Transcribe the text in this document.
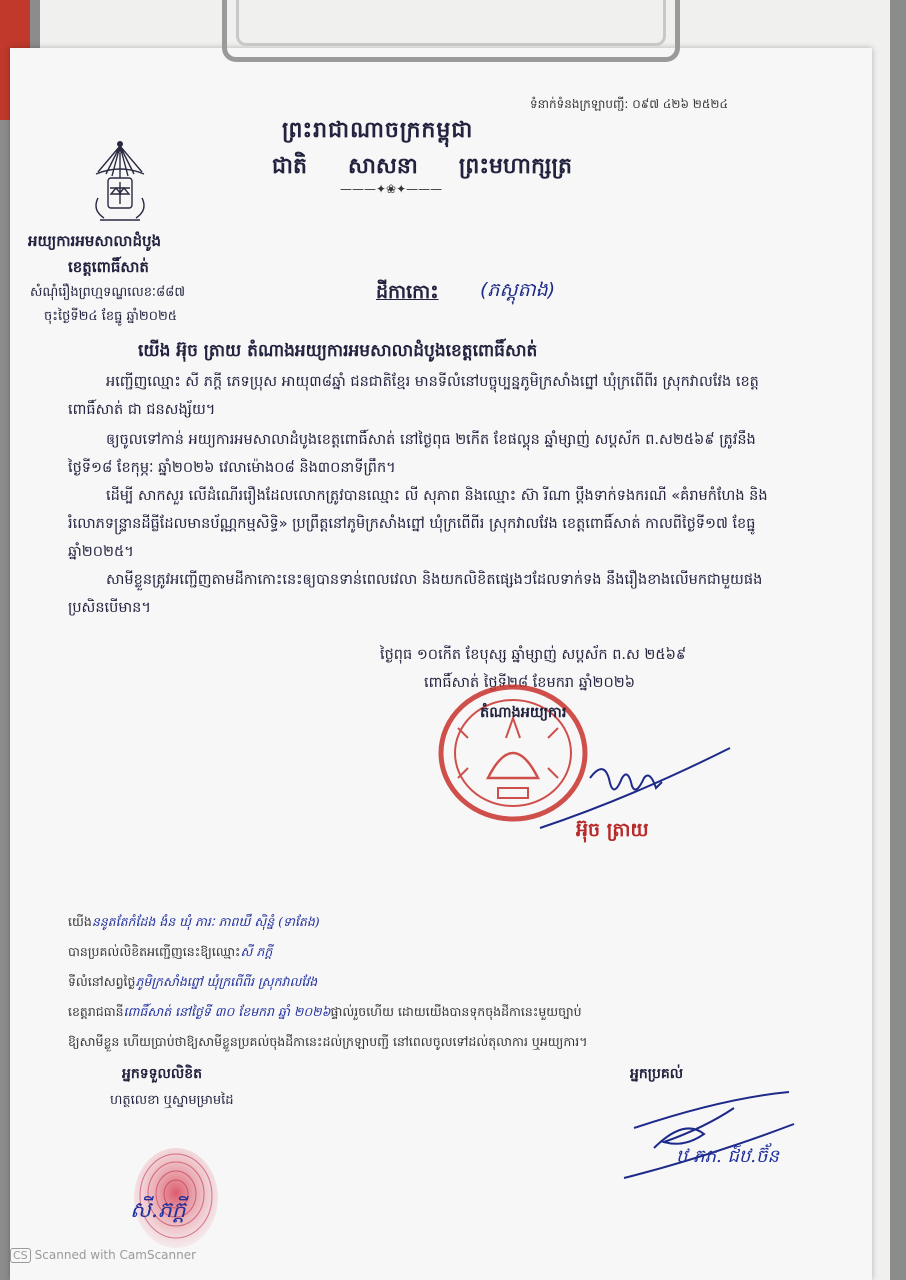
ទំនាក់ទំនងក្រឡាបញ្ជី: ០៩៧ ៤២៦ ២៥២៤
ព្រះរាជាណាចក្រកម្ពុជា
ជាតិ សាសនា ព្រះមហាក្សត្រ
———✦❀✦———
អយ្យការអមសាលាដំបូង
ខេត្តពោធិ៍សាត់
សំណុំរឿងព្រហ្មទណ្ឌលេខៈ៨៨៧
ចុះថ្ងៃទី២៤ ខែធ្នូ ឆ្នាំ២០២៥
ដីកាកោះ (ភស្តុតាង)
យើង អ៊ុច ត្រាយ តំណាងអយ្យការអមសាលាដំបូងខេត្តពោធិ៍សាត់
អញ្ជើញឈ្មោះ សី ភក្តី ភេទប្រុស អាយុ៣៨ឆ្នាំ ជនជាតិខ្មែរ មានទីលំនៅបច្ចុប្បន្នភូមិក្រសាំងព្នៅ ឃុំក្រពើពីរ ស្រុកវាលវែង ខេត្តពោធិ៍សាត់ ជា ជនសង្ស័យ។
ឲ្យចូលទៅកាន់ អយ្យការអមសាលាដំបូងខេត្តពោធិ៍សាត់ នៅថ្ងៃពុធ ២កើត ខែផល្គុន ឆ្នាំម្សាញ់ សប្តស័ក ព.ស២៥៦៩ ត្រូវនឹងថ្ងៃទី១៨ ខែកុម្ភៈ ឆ្នាំ២០២៦ វេលាម៉ោង០៨ និង៣០នាទីព្រឹក។
ដើម្បី សាកសួរ លើដំណើររឿងដែលលោកត្រូវបានឈ្មោះ លី សុភាព និងឈ្មោះ ស៊ា រីណា ប្តឹងទាក់ទងករណី «គំរាមកំហែង និង រំលោភទន្ទ្រានដីធ្លីដែលមានប័ណ្ណកម្មសិទ្ធិ» ប្រព្រឹត្តនៅភូមិក្រសាំងព្នៅ ឃុំក្រពើពីរ ស្រុកវាលវែង ខេត្តពោធិ៍សាត់ កាលពីថ្ងៃទី១៧ ខែធ្នូ ឆ្នាំ២០២៥។
សាមីខ្លួនត្រូវអញ្ជើញតាមដីកាកោះនេះឲ្យបានទាន់ពេលវេលា និងយកលិខិតផ្សេងៗដែលទាក់ទង នឹងរឿងខាងលើមកជាមួយផង ប្រសិនបើមាន។
ថ្ងៃពុធ ១០កើត ខែបុស្ស ឆ្នាំម្សាញ់ សប្តស័ក ព.ស ២៥៦៩
ពោធិ៍សាត់ ថ្ងៃទី២៨ ខែមករា ឆ្នាំ២០២៦
តំណាងអយ្យការ
អ៊ុច ត្រាយ
យើងននូតតែកំដែង ងំន ឃុំ ភារៈ ភាពឃឹ ស៊ិន្នំ (ទាតែង)
បានប្រគល់លិខិតអញ្ជើញនេះឱ្យឈ្មោះសី ភក្តី
ទីលំនៅសព្វថ្ងៃភូមិក្រសាំងព្នៅ ឃុំក្រពើពីរ ស្រុកវាលវែង
ខេត្តរាជធានីពោធិ៍សាត់ នៅថ្ងៃទី ៣០ ខែមករា ឆ្នាំ ២០២៦ផ្ទាល់រួចហើយ ដោយយើងបានទុកចុងដីកានេះមួយច្បាប់
ឱ្យសាមីខ្លួន ហើយប្រាប់ថាឱ្យសាមីខ្លួនប្រគល់ចុងដីកានេះដល់ក្រឡាបញ្ជី នៅពេលចូលទៅដល់តុលាការ ឬអយ្យការ។
អ្នកទទួលលិខិត
ហត្ថលេខា ឬស្នាមម្រាមដៃ
អ្នកប្រគល់
សី.ភក្តី
ឋ ភភ. ជ៍ឋ.ច៊័ន
CS Scanned with CamScanner
